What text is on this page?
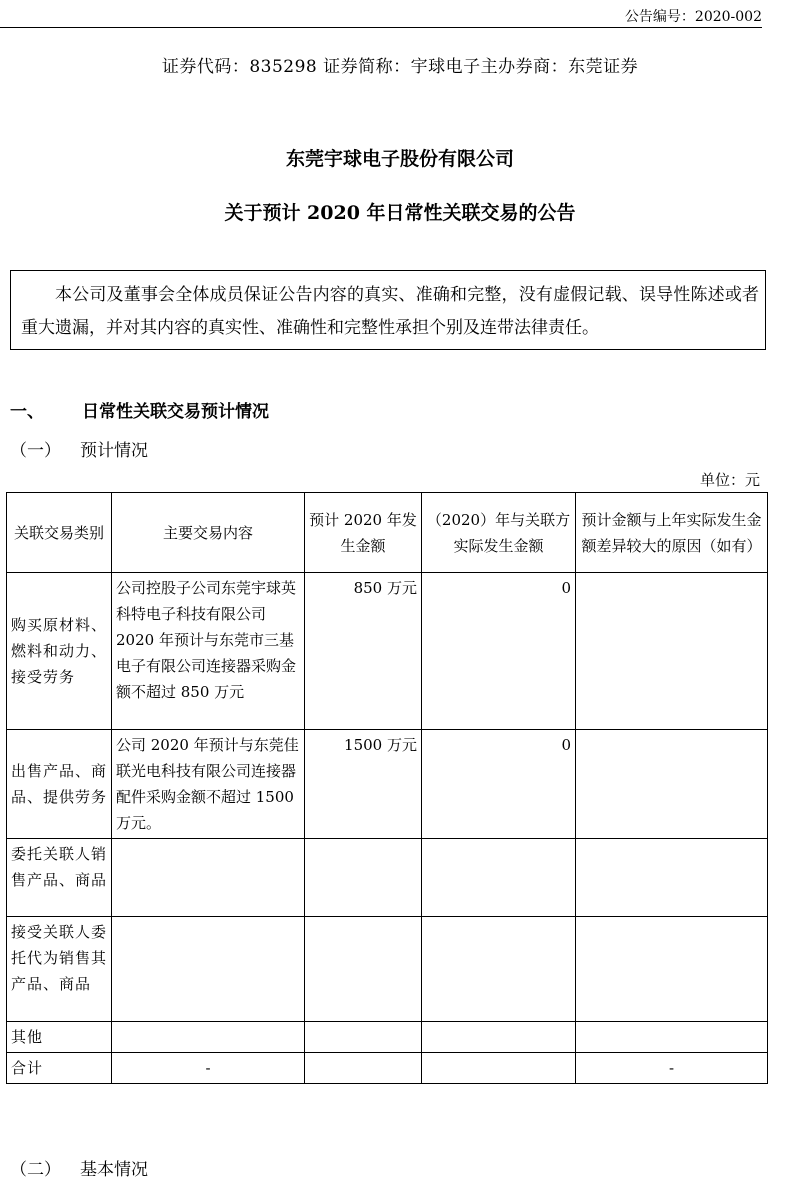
公告编号：2020-002
证券代码：835298 证券简称：宇球电子主办券商：东莞证券
东莞宇球电子股份有限公司
关于预计 2020 年日常性关联交易的公告
本公司及董事会全体成员保证公告内容的真实、准确和完整，没有虚假记载、误导性陈述或者重大遗漏，并对其内容的真实性、准确性和完整性承担个别及连带法律责任。
一、 日常性关联交易预计情况
（一） 预计情况
单位：元
关联交易类别	主要交易内容	预计 2020 年发生金额	（2020）年与关联方实际发生金额	预计金额与上年实际发生金额差异较大的原因（如有）
购买原材料、燃料和动力、接受劳务	公司控股子公司东莞宇球英科特电子科技有限公司 2020 年预计与东莞市三基电子有限公司连接器采购金额不超过 850 万元	850 万元	0	
出售产品、商品、提供劳务	公司 2020 年预计与东莞佳联光电科技有限公司连接器配件采购金额不超过 1500 万元。	1500 万元	0	
委托关联人销售产品、商品				
接受关联人委托代为销售其产品、商品				
其他				
合计	-			-
（二） 基本情况
